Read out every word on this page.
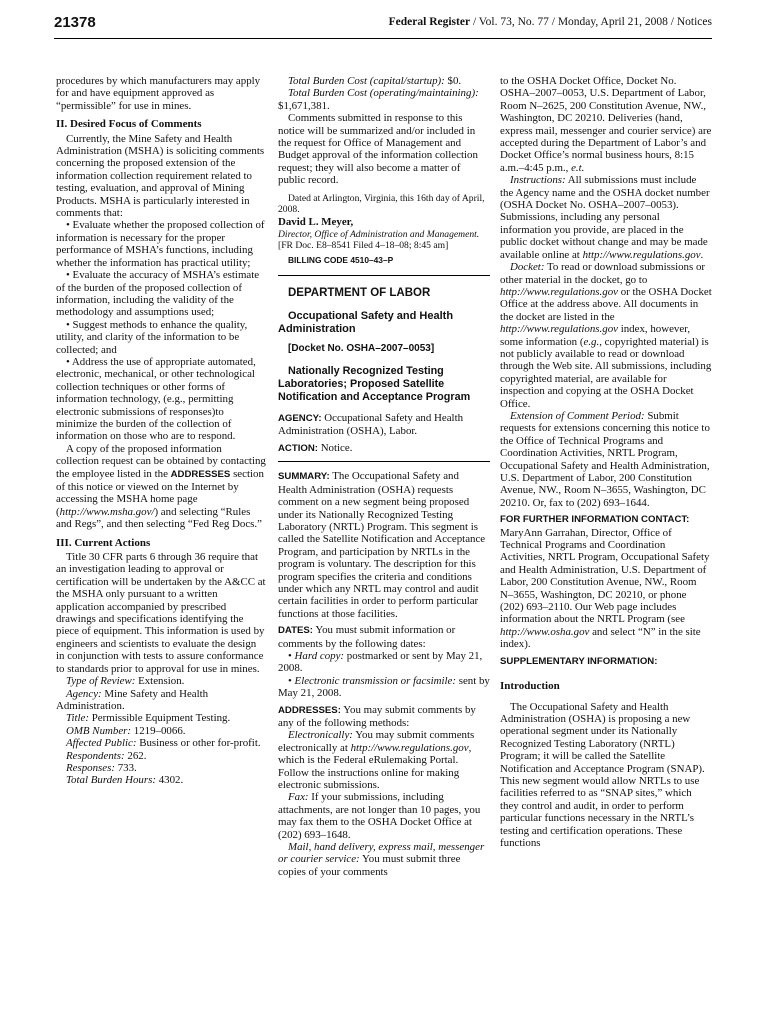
21378	Federal Register / Vol. 73, No. 77 / Monday, April 21, 2008 / Notices

procedures by which manufacturers may apply for and have equipment approved as “permissible” for use in mines.

II. Desired Focus of Comments

Currently, the Mine Safety and Health Administration (MSHA) is soliciting comments concerning the proposed extension of the information collection requirement related to testing, evaluation, and approval of Mining Products. MSHA is particularly interested in comments that:

• Evaluate whether the proposed collection of information is necessary for the proper performance of MSHA’s functions, including whether the information has practical utility;

• Evaluate the accuracy of MSHA’s estimate of the burden of the proposed collection of information, including the validity of the methodology and assumptions used;

• Suggest methods to enhance the quality, utility, and clarity of the information to be collected; and

• Address the use of appropriate automated, electronic, mechanical, or other technological collection techniques or other forms of information technology, (e.g., permitting electronic submissions of responses)to minimize the burden of the collection of information on those who are to respond.

A copy of the proposed information collection request can be obtained by contacting the employee listed in the ADDRESSES section of this notice or viewed on the Internet by accessing the MSHA home page (http://www.msha.gov/) and selecting “Rules and Regs”, and then selecting “Fed Reg Docs.”

III. Current Actions

Title 30 CFR parts 6 through 36 require that an investigation leading to approval or certification will be undertaken by the A&CC at the MSHA only pursuant to a written application accompanied by prescribed drawings and specifications identifying the piece of equipment. This information is used by engineers and scientists to evaluate the design in conjunction with tests to assure conformance to standards prior to approval for use in mines.

Type of Review: Extension.

Agency: Mine Safety and Health Administration.

Title: Permissible Equipment Testing.

OMB Number: 1219–0066.

Affected Public: Business or other for-profit.

Respondents: 262.

Responses: 733.

Total Burden Hours: 4302.

Total Burden Cost (capital/startup): $0.

Total Burden Cost (operating/maintaining): $1,671,381.

Comments submitted in response to this notice will be summarized and/or included in the request for Office of Management and Budget approval of the information collection request; they will also become a matter of public record.

Dated at Arlington, Virginia, this 16th day of April, 2008.

David L. Meyer,

Director, Office of Administration and Management.

[FR Doc. E8–8541 Filed 4–18–08; 8:45 am]

BILLING CODE 4510–43–P

DEPARTMENT OF LABOR

Occupational Safety and Health Administration

[Docket No. OSHA–2007–0053]

Nationally Recognized Testing Laboratories; Proposed Satellite Notification and Acceptance Program

AGENCY: Occupational Safety and Health Administration (OSHA), Labor.

ACTION: Notice.

SUMMARY: The Occupational Safety and Health Administration (OSHA) requests comment on a new segment being proposed under its Nationally Recognized Testing Laboratory (NRTL) Program. This segment is called the Satellite Notification and Acceptance Program, and participation by NRTLs in the program is voluntary. The description for this program specifies the criteria and conditions under which any NRTL may control and audit certain facilities in order to perform particular functions at those facilities.

DATES: You must submit information or comments by the following dates:

• Hard copy: postmarked or sent by May 21, 2008.

• Electronic transmission or facsimile: sent by May 21, 2008.

ADDRESSES: You may submit comments by any of the following methods:

Electronically: You may submit comments electronically at http://www.regulations.gov, which is the Federal eRulemaking Portal. Follow the instructions online for making electronic submissions.

Fax: If your submissions, including attachments, are not longer than 10 pages, you may fax them to the OSHA Docket Office at (202) 693–1648.

Mail, hand delivery, express mail, messenger or courier service: You must submit three copies of your comments

to the OSHA Docket Office, Docket No. OSHA–2007–0053, U.S. Department of Labor, Room N–2625, 200 Constitution Avenue, NW., Washington, DC 20210. Deliveries (hand, express mail, messenger and courier service) are accepted during the Department of Labor’s and Docket Office’s normal business hours, 8:15 a.m.–4:45 p.m., e.t.

Instructions: All submissions must include the Agency name and the OSHA docket number (OSHA Docket No. OSHA–2007–0053). Submissions, including any personal information you provide, are placed in the public docket without change and may be made available online at http://www.regulations.gov.

Docket: To read or download submissions or other material in the docket, go to http://www.regulations.gov or the OSHA Docket Office at the address above. All documents in the docket are listed in the http://www.regulations.gov index, however, some information (e.g., copyrighted material) is not publicly available to read or download through the Web site. All submissions, including copyrighted material, are available for inspection and copying at the OSHA Docket Office.

Extension of Comment Period: Submit requests for extensions concerning this notice to the Office of Technical Programs and Coordination Activities, NRTL Program, Occupational Safety and Health Administration, U.S. Department of Labor, 200 Constitution Avenue, NW., Room N–3655, Washington, DC 20210. Or, fax to (202) 693–1644.

FOR FURTHER INFORMATION CONTACT: MaryAnn Garrahan, Director, Office of Technical Programs and Coordination Activities, NRTL Program, Occupational Safety and Health Administration, U.S. Department of Labor, 200 Constitution Avenue, NW., Room N–3655, Washington, DC 20210, or phone (202) 693–2110. Our Web page includes information about the NRTL Program (see http://www.osha.gov and select “N” in the site index).

SUPPLEMENTARY INFORMATION:

Introduction

The Occupational Safety and Health Administration (OSHA) is proposing a new operational segment under its Nationally Recognized Testing Laboratory (NRTL) Program; it will be called the Satellite Notification and Acceptance Program (SNAP). This new segment would allow NRTLs to use facilities referred to as “SNAP sites,” which they control and audit, in order to perform particular functions necessary in the NRTL’s testing and certification operations. These functions
